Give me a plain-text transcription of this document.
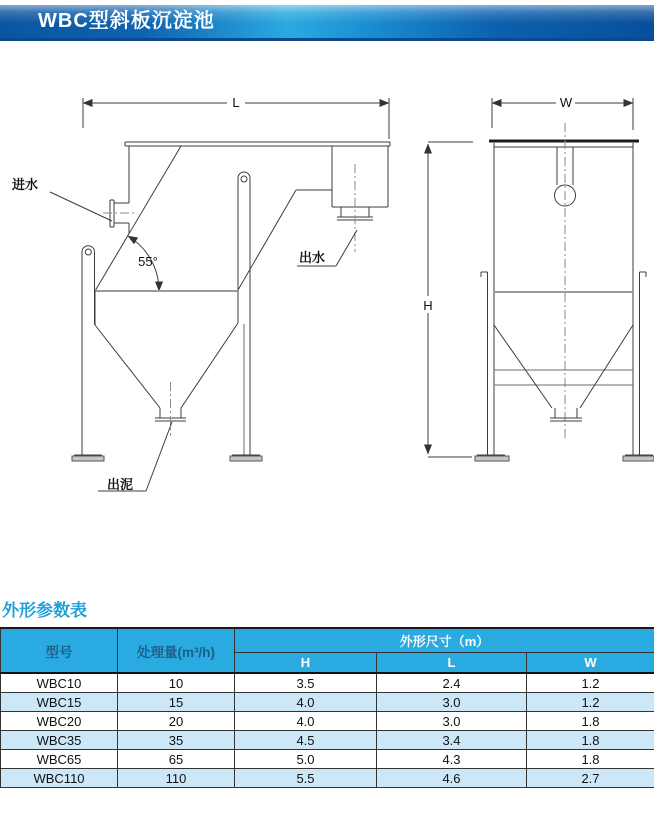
WBC型斜板沉淀池
L
55°
进水
出水
出泥
W
H
外形参数表
型号	处理量(m³/h)	外形尺寸（m）		
		H	L	W
WBC10	10	3.5	2.4	1.2
WBC15	15	4.0	3.0	1.2
WBC20	20	4.0	3.0	1.8
WBC35	35	4.5	3.4	1.8
WBC65	65	5.0	4.3	1.8
WBC110	110	5.5	4.6	2.7
